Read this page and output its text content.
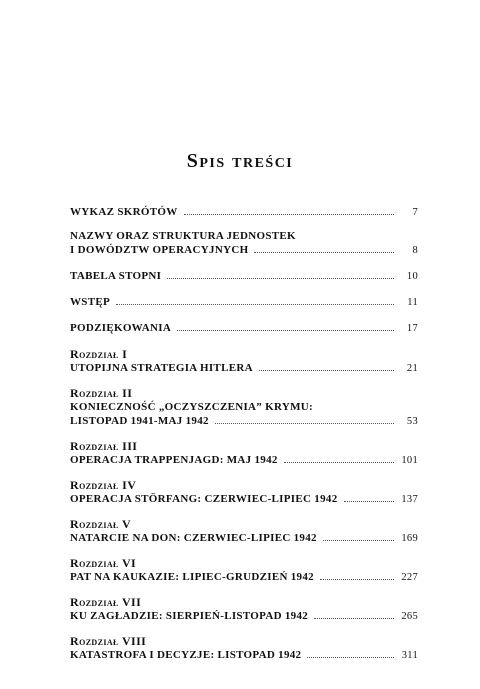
Spis treści
WYKAZ SKRÓTÓW	7
NAZWY ORAZ STRUKTURA JEDNOSTEK
I DOWÓDZTW OPERACYJNYCH	8
TABELA STOPNI	10
WSTĘP	11
PODZIĘKOWANIA	17
Rozdział I
UTOPIJNA STRATEGIA HITLERA	21
Rozdział II
KONIECZNOŚĆ „OCZYSZCZENIA” KRYMU:
LISTOPAD 1941-MAJ 1942	53
Rozdział III
OPERACJA TRAPPENJAGD: MAJ 1942	101
Rozdział IV
OPERACJA STÖRFANG: CZERWIEC-LIPIEC 1942	137
Rozdział V
NATARCIE NA DON: CZERWIEC-LIPIEC 1942	169
Rozdział VI
PAT NA KAUKAZIE: LIPIEC-GRUDZIEŃ 1942	227
Rozdział VII
KU ZAGŁADZIE: SIERPIEŃ-LISTOPAD 1942	265
Rozdział VIII
KATASTROFA I DECYZJE: LISTOPAD 1942	311
